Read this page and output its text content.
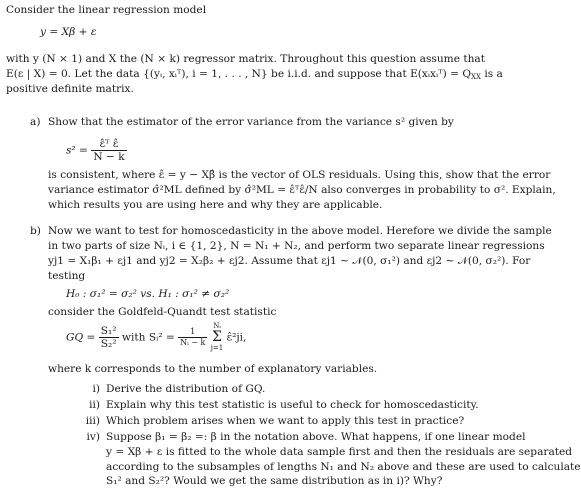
Consider the linear regression model
y = Xβ + ε
with y (N × 1) and X the (N × k) regressor matrix. Throughout this question assume that
E(ε | X) = 0. Let the data {(yᵢ, xᵢᵀ), i = 1, . . . , N} be i.i.d. and suppose that E(xᵢxᵢᵀ) = $Q_{XX}$ is a
positive definite matrix.
a) Show that the estimator of the error variance from the variance s² given by
$s^2 = \frac{\text{ε̂ᵀ ε̂}}{N - k}$
is consistent, where ε̂ = y − Xβ̂ is the vector of OLS residuals. Using this, show that the error
variance estimator σ̂²ML defined by σ̂²ML = ε̂ᵀε̂/N also converges in probability to σ². Explain,
which results you are using here and why they are applicable.
b) Now we want to test for homoscedasticity in the above model. Herefore we divide the sample
in two parts of size Nᵢ, i ∈ {1, 2}, N = N₁ + N₂, and perform two separate linear regressions
yj1 = X₁β₁ + εj1 and yj2 = X₂β₂ + εj2. Assume that εj1 ∼ 𝒩(0, σ₁²) and εj2 ∼ 𝒩(0, σ₂²). For
testing
H₀ : σ₁² = σ₂² vs. H₁ : σ₁² ≠ σ₂²
consider the Goldfeld-Quandt test statistic
GQ = $\frac{\text{S₁²}}{\text{S₂²}}$ with Sᵢ² = $\frac{1}{\text{Nᵢ − k}}$

Nᵢ
Σ
j=1
ε̂²ji,
where k corresponds to the number of explanatory variables.
i) Derive the distribution of GQ.
ii) Explain why this test statistic is useful to check for homoscedasticity.
iii) Which problem arises when we want to apply this test in practice?
iv) Suppose β₁ = β₂ =: β in the notation above. What happens, if one linear model
y = Xβ + ε is fitted to the whole data sample first and then the residuals are separated
according to the subsamples of lengths N₁ and N₂ above and these are used to calculate
S₁² and S₂²? Would we get the same distribution as in i)? Why?
